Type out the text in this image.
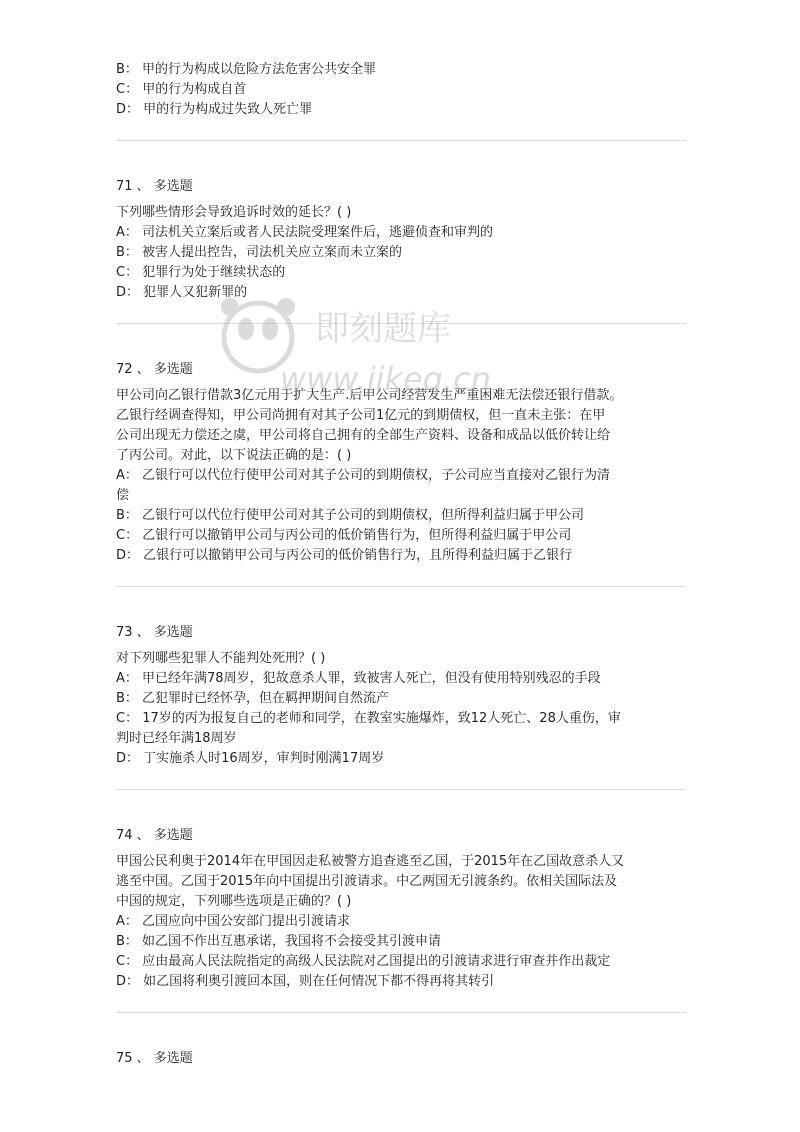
B： 甲的行为构成以危险方法危害公共安全罪
C： 甲的行为构成自首
D： 甲的行为构成过失致人死亡罪
71 、 多选题
下列哪些情形会导致追诉时效的延长？( )
A： 司法机关立案后或者人民法院受理案件后，逃避侦查和审判的
B： 被害人提出控告，司法机关应立案而未立案的
C： 犯罪行为处于继续状态的
D： 犯罪人又犯新罪的
72 、 多选题
甲公司向乙银行借款3亿元用于扩大生产.后甲公司经营发生严重困难无法偿还银行借款。
乙银行经调查得知，甲公司尚拥有对其子公司1亿元的到期债权，但一直未主张：在甲
公司出现无力偿还之虞，甲公司将自己拥有的全部生产资料、设备和成品以低价转让给
了丙公司。对此，以下说法正确的是：( )
A： 乙银行可以代位行使甲公司对其子公司的到期债权，子公司应当直接对乙银行为清
偿
B： 乙银行可以代位行使甲公司对其子公司的到期债权，但所得利益归属于甲公司
C： 乙银行可以撤销甲公司与丙公司的低价销售行为，但所得利益归属于甲公司
D： 乙银行可以撤销甲公司与丙公司的低价销售行为，且所得利益归属于乙银行
73 、 多选题
对下列哪些犯罪人不能判处死刑？( )
A： 甲已经年满78周岁，犯故意杀人罪，致被害人死亡，但没有使用特别残忍的手段
B： 乙犯罪时已经怀孕，但在羁押期间自然流产
C： 17岁的丙为报复自己的老师和同学，在教室实施爆炸，致12人死亡、28人重伤，审
判时已经年满18周岁
D： 丁实施杀人时16周岁，审判时刚满17周岁
74 、 多选题
甲国公民利奥于2014年在甲国因走私被警方追查逃至乙国，于2015年在乙国故意杀人又
逃至中国。乙国于2015年向中国提出引渡请求。中乙两国无引渡条约。依相关国际法及
中国的规定，下列哪些选项是正确的？( )
A： 乙国应向中国公安部门提出引渡请求
B： 如乙国不作出互惠承诺，我国将不会接受其引渡申请
C： 应由最高人民法院指定的高级人民法院对乙国提出的引渡请求进行审查并作出裁定
D： 如乙国将利奥引渡回本国，则在任何情况下都不得再将其转引
75 、 多选题
即刻题库
www.jikeq.cn
